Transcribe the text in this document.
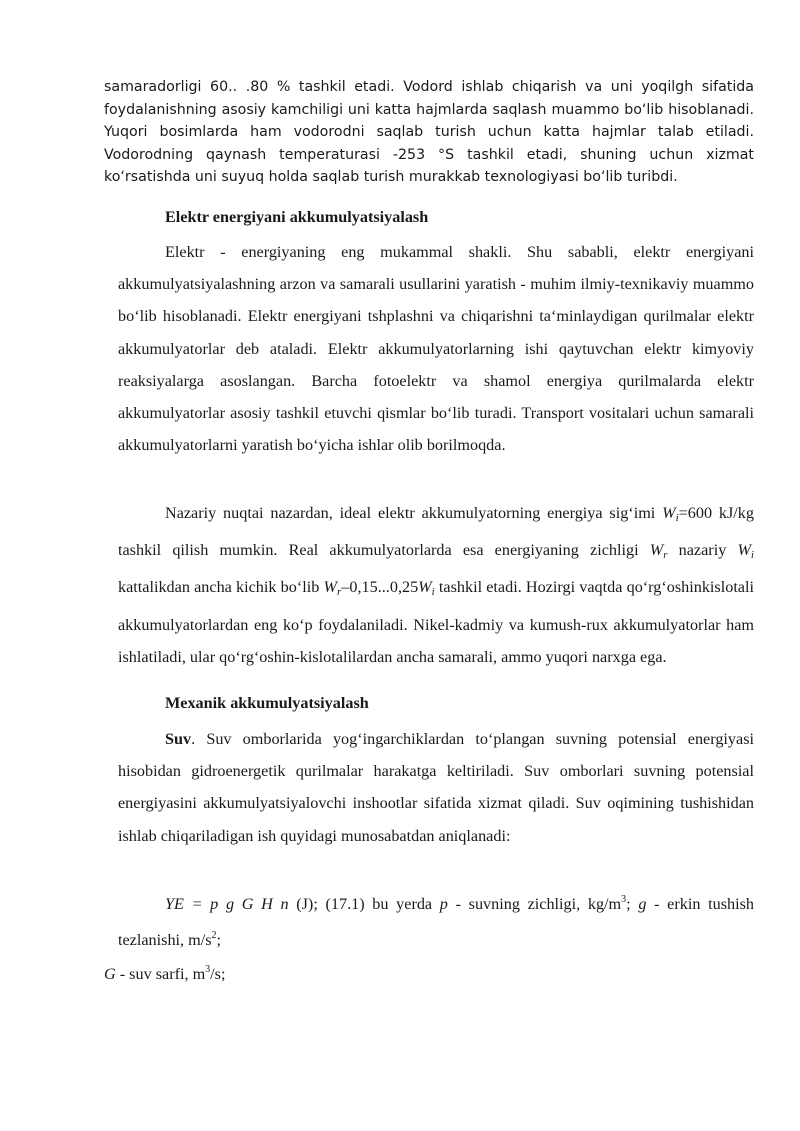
samaradorligi 60.. .80 % tashkil etadi. Vodord ishlab chiqarish va uni yoqilgh sifatida foydalanishning asosiy kamchiligi uni katta hajmlarda saqlash muammo bo‘lib hisoblanadi. Yuqori bosimlarda ham vodorodni saqlab turish uchun katta hajmlar talab etiladi. Vodorodning qaynash temperaturasi -253 °S tashkil etadi, shuning uchun xizmat ko‘rsatishda uni suyuq holda saqlab turish murakkab texnologiyasi bo‘lib turibdi.

Elektr energiyani akkumulyatsiyalash

Elektr - energiyaning eng mukammal shakli. Shu sababli, elektr energiyani akkumulyatsiyalashning arzon va samarali usullarini yaratish - muhim ilmiy-texnikaviy muammo bo‘lib hisoblanadi. Elektr energiyani tshplashni va chiqarishni ta‘minlaydigan qurilmalar elektr akkumulyatorlar deb ataladi. Elektr akkumulyatorlarning ishi qaytuvchan elektr kimyoviy reaksiyalarga asoslangan. Barcha fotoelektr va shamol energiya qurilmalarda elektr akkumulyatorlar asosiy tashkil etuvchi qismlar bo‘lib turadi. Transport vositalari uchun samarali akkumulyatorlarni yaratish bo‘yicha ishlar olib borilmoqda.

Nazariy nuqtai nazardan, ideal elektr akkumulyatorning energiya sig‘imi $W_i=600$ kJ/kg tashkil qilish mumkin. Real akkumulyatorlarda esa energiyaning zichligi $W_r$ nazariy $W_i$ kattalikdan ancha kichik bo‘lib $W_r-0,15...0,25W_i$ tashkil etadi. Hozirgi vaqtda qo‘rg‘oshinkislotali akkumulyatorlardan eng ko‘p foydalaniladi. Nikel-kadmiy va kumush-rux akkumulyatorlar ham ishlatiladi, ular qo‘rg‘oshin-kislotalilardan ancha samarali, ammo yuqori narxga ega.

Mexanik akkumulyatsiyalash

Suv. Suv omborlarida yog‘ingarchiklardan to‘plangan suvning potensial energiyasi hisobidan gidroenergetik qurilmalar harakatga keltiriladi. Suv omborlari suvning potensial energiyasini akkumulyatsiyalovchi inshootlar sifatida xizmat qiladi. Suv oqimining tushishidan ishlab chiqariladigan ish quyidagi munosabatdan aniqlanadi:

YE = p g G H n (J); (17.1) bu yerda p - suvning zichligi, $kg/m^3$; g - erkin tushish tezlanishi, $m/s^2$;

G - suv sarfi, $m^3/s$;
